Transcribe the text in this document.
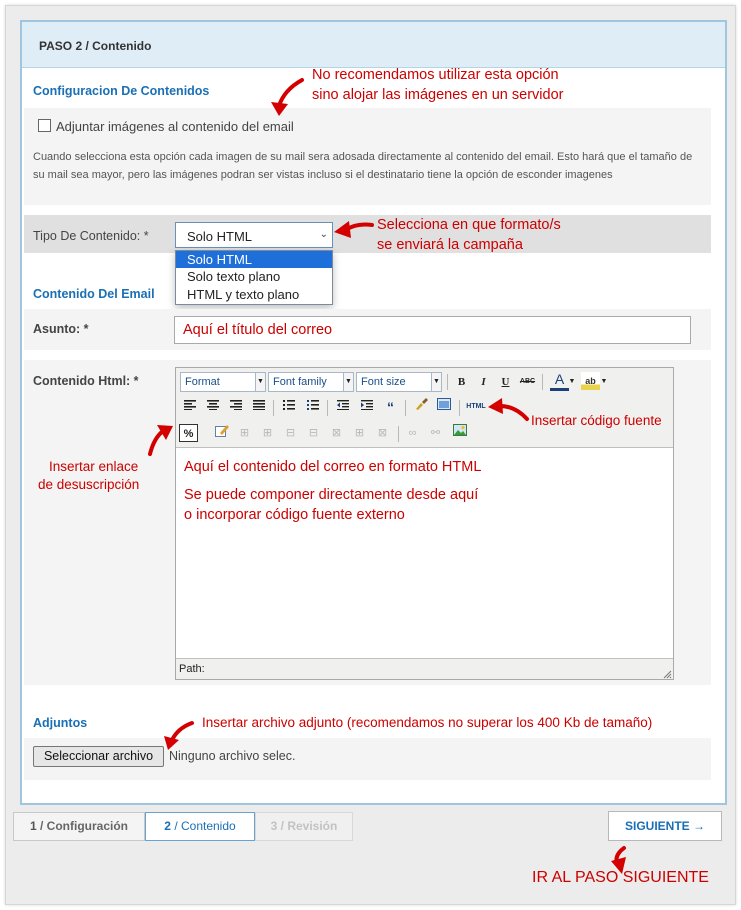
PASO 2 / Contenido
Configuracion De Contenidos
Adjuntar imágenes al contenido del email
Cuando selecciona esta opción cada imagen de su mail sera adosada directamente al contenido del email. Esto hará que el tamaño de su mail sea mayor, pero las imágenes podran ser vistas incluso si el destinatario tiene la opción de esconder imagenes
Tipo De Contenido: *	Solo HTML	⌄
Solo HTML
Solo texto plano
HTML y texto plano
Contenido Del Email
Asunto: *	Aquí el título del correo
Contenido Html: *	Format	▼ Font family	▼ Font size	▼	B	I	U	ABC	A ▼	ab ▼
“	HTML
%	⊞	⊞	⊟	⊟	⊠	⊞	⊠	∞	⚯
Aquí el contenido del correo en formato HTML
Se puede componer directamente desde aquí
o incorporar código fuente externo
Path:
Adjuntos
Seleccionar archivo	Ninguno archivo selec.
1 / Configuración	2 / Contenido	3 / Revisión	SIGUIENTE →
No recomendamos utilizar esta opción
sino alojar las imágenes en un servidor
Selecciona en que formato/s
se enviará la campaña
Insertar código fuente
Insertar enlace
de desuscripción
Insertar archivo adjunto (recomendamos no superar los 400 Kb de tamaño)
IR AL PASO SIGUIENTE
